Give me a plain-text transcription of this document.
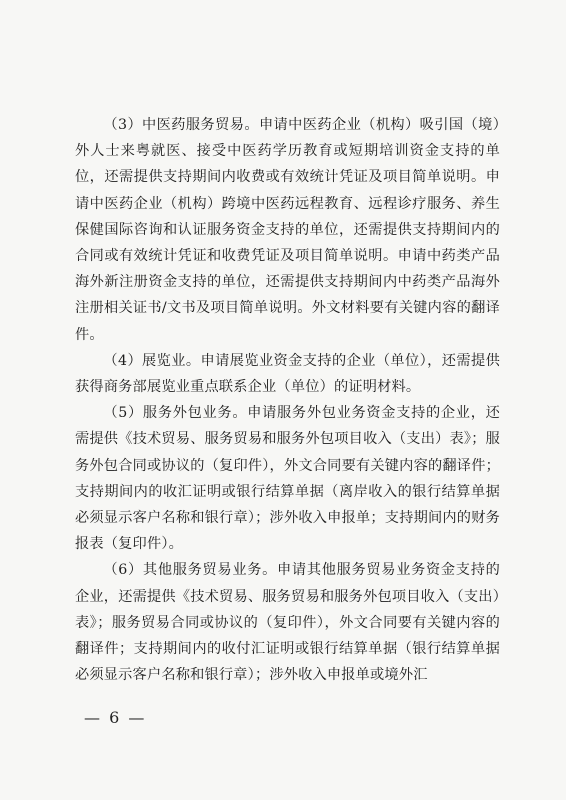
（3）中医药服务贸易。申请中医药企业（机构）吸引国（境）外人士来粤就医、接受中医药学历教育或短期培训资金支持的单位，还需提供支持期间内收费或有效统计凭证及项目简单说明。申请中医药企业（机构）跨境中医药远程教育、远程诊疗服务、养生保健国际咨询和认证服务资金支持的单位，还需提供支持期间内的合同或有效统计凭证和收费凭证及项目简单说明。申请中药类产品海外新注册资金支持的单位，还需提供支持期间内中药类产品海外注册相关证书/文书及项目简单说明。外文材料要有关键内容的翻译件。

（4）展览业。申请展览业资金支持的企业（单位），还需提供获得商务部展览业重点联系企业（单位）的证明材料。

（5）服务外包业务。申请服务外包业务资金支持的企业，还需提供《技术贸易、服务贸易和服务外包项目收入（支出）表》；服务外包合同或协议的（复印件），外文合同要有关键内容的翻译件；支持期间内的收汇证明或银行结算单据（离岸收入的银行结算单据必须显示客户名称和银行章）；涉外收入申报单；支持期间内的财务报表（复印件）。

（6）其他服务贸易业务。申请其他服务贸易业务资金支持的企业，还需提供《技术贸易、服务贸易和服务外包项目收入（支出）表》；服务贸易合同或协议的（复印件），外文合同要有关键内容的翻译件；支持期间内的收付汇证明或银行结算单据（银行结算单据必须显示客户名称和银行章）；涉外收入申报单或境外汇

— 6 —
